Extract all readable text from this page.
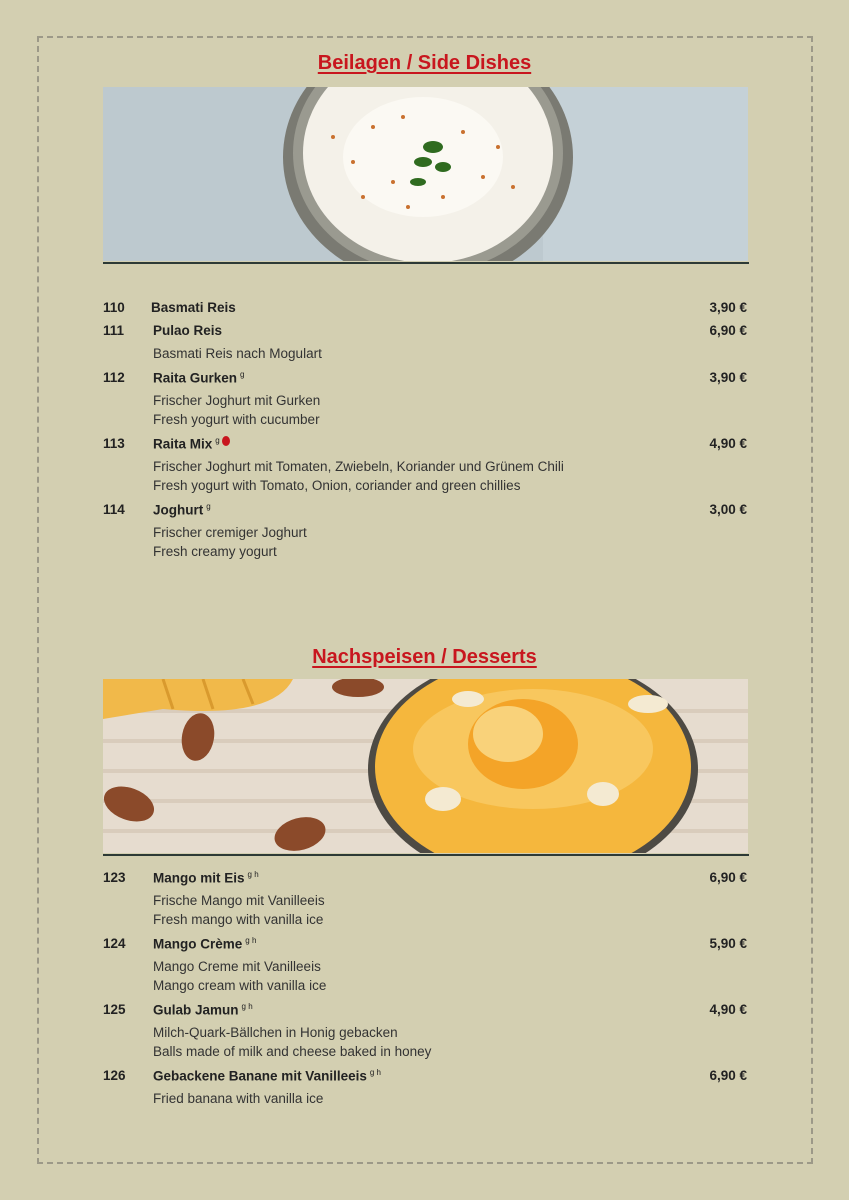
Beilagen / Side Dishes
110 Basmati Reis	3,90 €
111 Pulao Reis	6,90 €
Basmati Reis nach Mogulart
112 Raita Gurken $^g$	3,90 €
Frischer Joghurt mit Gurken
Fresh yogurt with cucumber
113 Raita Mix $^g$	4,90 €
Frischer Joghurt mit Tomaten, Zwiebeln, Koriander und Grünem Chili
Fresh yogurt with Tomato, Onion, coriander and green chillies
114 Joghurt $^g$	3,00 €
Frischer cremiger Joghurt
Fresh creamy yogurt
Nachspeisen / Desserts
123 Mango mit Eis $^{g h}$	6,90 €
Frische Mango mit Vanilleeis
Fresh mango with vanilla ice
124 Mango Crème $^{g h}$	5,90 €
Mango Creme mit Vanilleeis
Mango cream with vanilla ice
125 Gulab Jamun $^{g h}$	4,90 €
Milch-Quark-Bällchen in Honig gebacken
Balls made of milk and cheese baked in honey
126 Gebackene Banane mit Vanilleeis $^{g h}$	6,90 €
Fried banana with vanilla ice
